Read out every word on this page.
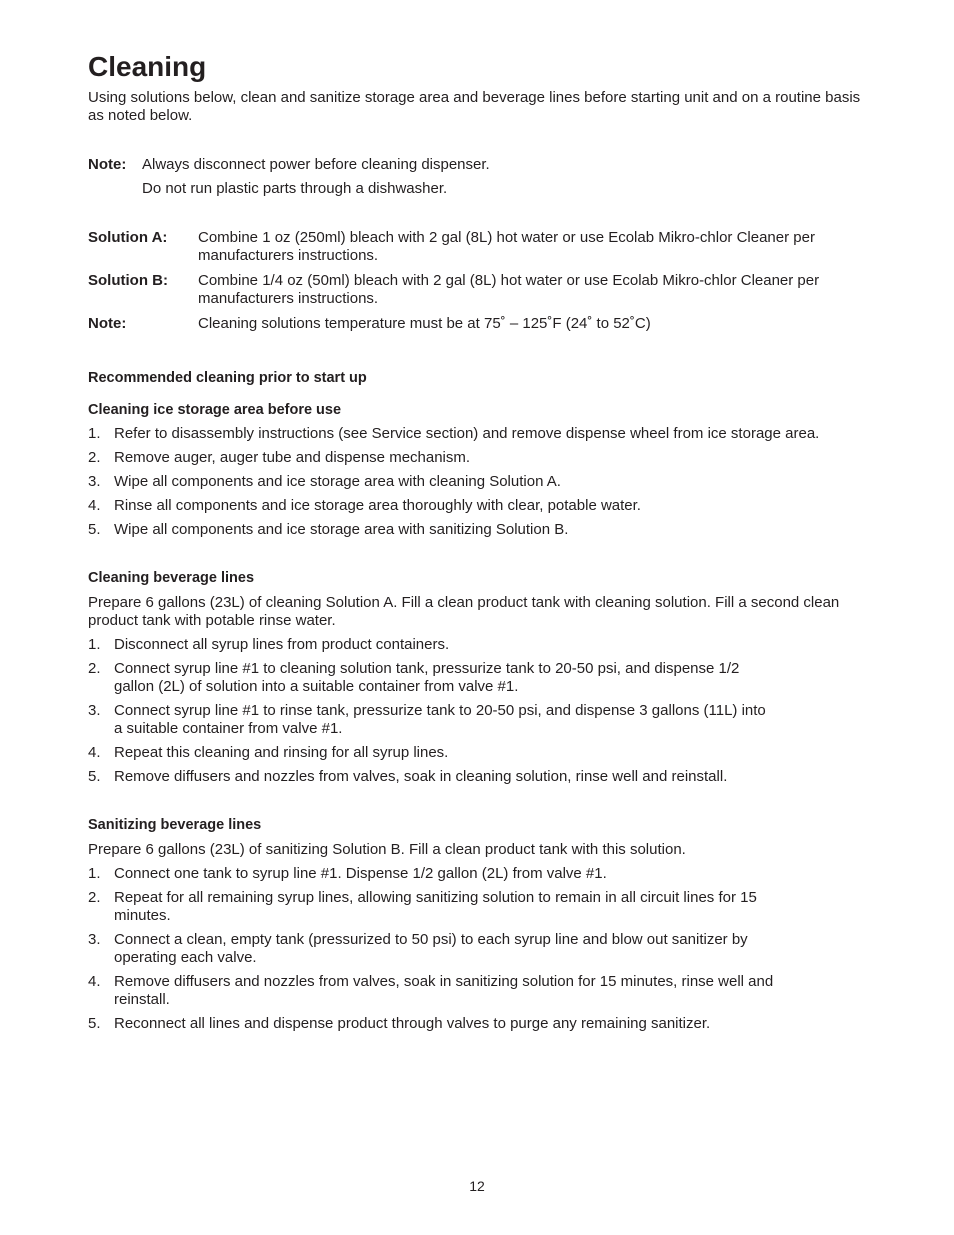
Cleaning

Using solutions below, clean and sanitize storage area and beverage lines before starting unit and on a routine basis as noted below.

Note:	Always disconnect power before cleaning dispenser.
Do not run plastic parts through a dishwasher.
Solution A:	Combine 1 oz (250ml) bleach with 2 gal (8L) hot water or use Ecolab Mikro-chlor Cleaner per manufacturers instructions.
Solution B:	Combine 1/4 oz (50ml) bleach with 2 gal (8L) hot water or use Ecolab Mikro-chlor Cleaner per manufacturers instructions.
Note:	Cleaning solutions temperature must be at 75˚ – 125˚F (24˚ to 52˚C)
Recommended cleaning prior to start up
Cleaning ice storage area before use
1. Refer to disassembly instructions (see Service section) and remove dispense wheel from ice storage area.
2. Remove auger, auger tube and dispense mechanism.
3. Wipe all components and ice storage area with cleaning Solution A.
4. Rinse all components and ice storage area thoroughly with clear, potable water.
5. Wipe all components and ice storage area with sanitizing Solution B.
Cleaning beverage lines

Prepare 6 gallons (23L) of cleaning Solution A. Fill a clean product tank with cleaning solution. Fill a second clean product tank with potable rinse water.

1. Disconnect all syrup lines from product containers.
2. Connect syrup line #1 to cleaning solution tank, pressurize tank to 20-50 psi, and dispense 1/2 gallon (2L) of solution into a suitable container from valve #1.
3. Connect syrup line #1 to rinse tank, pressurize tank to 20-50 psi, and dispense 3 gallons (11L) into a suitable container from valve #1.
4. Repeat this cleaning and rinsing for all syrup lines.
5. Remove diffusers and nozzles from valves, soak in cleaning solution, rinse well and reinstall.
Sanitizing beverage lines

Prepare 6 gallons (23L) of sanitizing Solution B. Fill a clean product tank with this solution.

1. Connect one tank to syrup line #1. Dispense 1/2 gallon (2L) from valve #1.
2. Repeat for all remaining syrup lines, allowing sanitizing solution to remain in all circuit lines for 15 minutes.
3. Connect a clean, empty tank (pressurized to 50 psi) to each syrup line and blow out sanitizer by operating each valve.
4. Remove diffusers and nozzles from valves, soak in sanitizing solution for 15 minutes, rinse well and reinstall.
5. Reconnect all lines and dispense product through valves to purge any remaining sanitizer.
12
